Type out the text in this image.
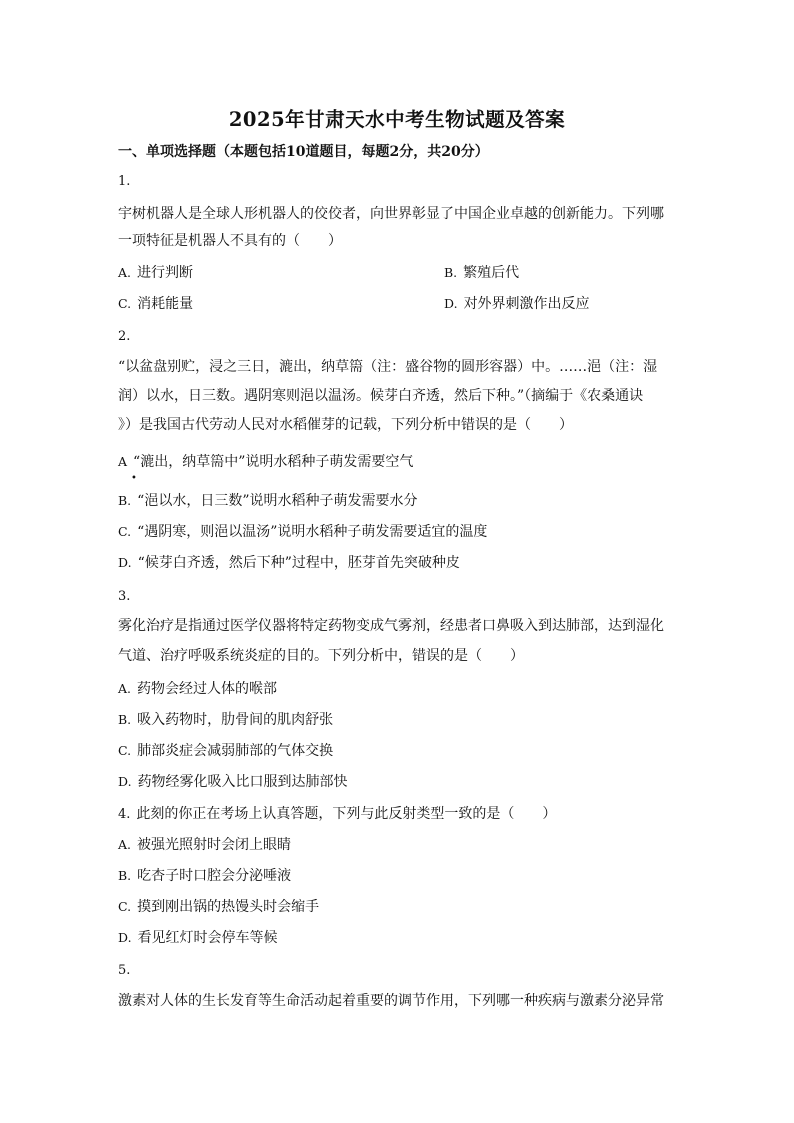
2025年甘肃天水中考生物试题及答案
一、单项选择题（本题包括10道题目，每题2分，共20分）
1.
宇树机器人是全球人形机器人的佼佼者，向世界彰显了中国企业卓越的创新能力。下列哪
一项特征是机器人不具有的（　　）
A. 进行判断	B. 繁殖后代
C. 消耗能量	D. 对外界刺激作出反应
2.
“以盆盘别贮，浸之三日，漉出，纳草篅（注：盛谷物的圆形容器）中。……浥（注：湿
润）以水，日三数。遇阴寒则浥以温汤。候芽白齐透，然后下种。”（摘编于《农桑通诀
》）是我国古代劳动人民对水稻催芽的记载，下列分析中错误的是（　　）
A “漉出，纳草篅中”说明水稻种子萌发需要空气
•
B. “浥以水，日三数”说明水稻种子萌发需要水分
C. “遇阴寒，则浥以温汤”说明水稻种子萌发需要适宜的温度
D. “候芽白齐透，然后下种”过程中，胚芽首先突破种皮
3.
雾化治疗是指通过医学仪器将特定药物变成气雾剂，经患者口鼻吸入到达肺部，达到湿化
气道、治疗呼吸系统炎症的目的。下列分析中，错误的是（　　）
A. 药物会经过人体的喉部
B. 吸入药物时，肋骨间的肌肉舒张
C. 肺部炎症会减弱肺部的气体交换
D. 药物经雾化吸入比口服到达肺部快
4. 此刻的你正在考场上认真答题，下列与此反射类型一致的是（　　）
A. 被强光照射时会闭上眼睛
B. 吃杏子时口腔会分泌唾液
C. 摸到刚出锅的热馒头时会缩手
D. 看见红灯时会停车等候
5.
激素对人体的生长发育等生命活动起着重要的调节作用，下列哪一种疾病与激素分泌异常
